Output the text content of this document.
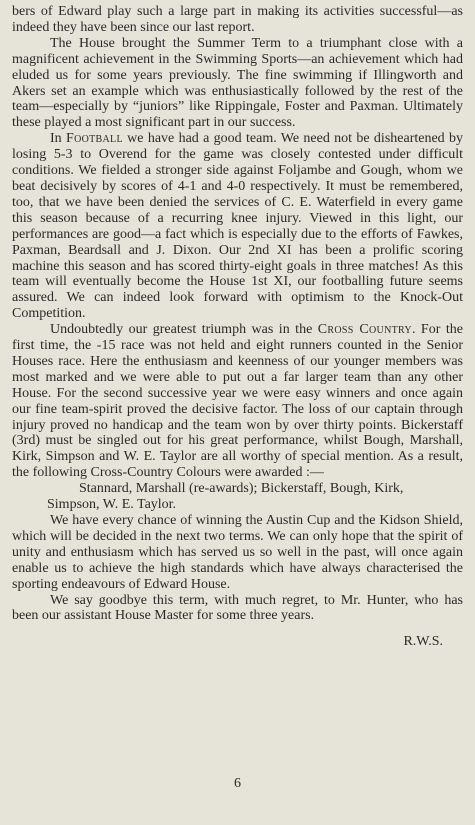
bers of Edward play such a large part in making its activities successful—as indeed they have been since our last report.

The House brought the Summer Term to a triumphant close with a magnificent achievement in the Swimming Sports—an achievement which had eluded us for some years previously. The fine swimming if Illingworth and Akers set an example which was enthusiastically followed by the rest of the team—especially by “juniors” like Rippingale, Foster and Paxman. Ultimately these played a most significant part in our success.

In Football we have had a good team. We need not be disheartened by losing 5-3 to Overend for the game was closely contested under difficult conditions. We fielded a stronger side against Foljambe and Gough, whom we beat decisively by scores of 4-1 and 4-0 respectively. It must be remembered, too, that we have been denied the services of C. E. Waterfield in every game this season because of a recurring knee injury. Viewed in this light, our performances are good—a fact which is especially due to the efforts of Fawkes, Paxman, Beardsall and J. Dixon. Our 2nd XI has been a prolific scoring machine this season and has scored thirty-eight goals in three matches! As this team will eventually become the House 1st XI, our footballing future seems assured. We can indeed look forward with optimism to the Knock-Out Competition.

Undoubtedly our greatest triumph was in the Cross Country. For the first time, the -15 race was not held and eight runners counted in the Senior Houses race. Here the enthusiasm and keenness of our younger members was most marked and we were able to put out a far larger team than any other House. For the second successive year we were easy winners and once again our fine team-spirit proved the decisive factor. The loss of our captain through injury proved no handicap and the team won by over thirty points. Bickerstaff (3rd) must be singled out for his great performance, whilst Bough, Marshall, Kirk, Simpson and W. E. Taylor are all worthy of special mention. As a result, the following Cross-Country Colours were awarded :—

Stannard, Marshall (re-awards); Bickerstaff, Bough, Kirk,
Simpson, W. E. Taylor.

We have every chance of winning the Austin Cup and the Kidson Shield, which will be decided in the next two terms. We can only hope that the spirit of unity and enthusiasm which has served us so well in the past, will once again enable us to achieve the high standards which have always characterised the sporting endeavours of Edward House.

We say goodbye this term, with much regret, to Mr. Hunter, who has been our assistant House Master for some three years.

R.W.S.
6
